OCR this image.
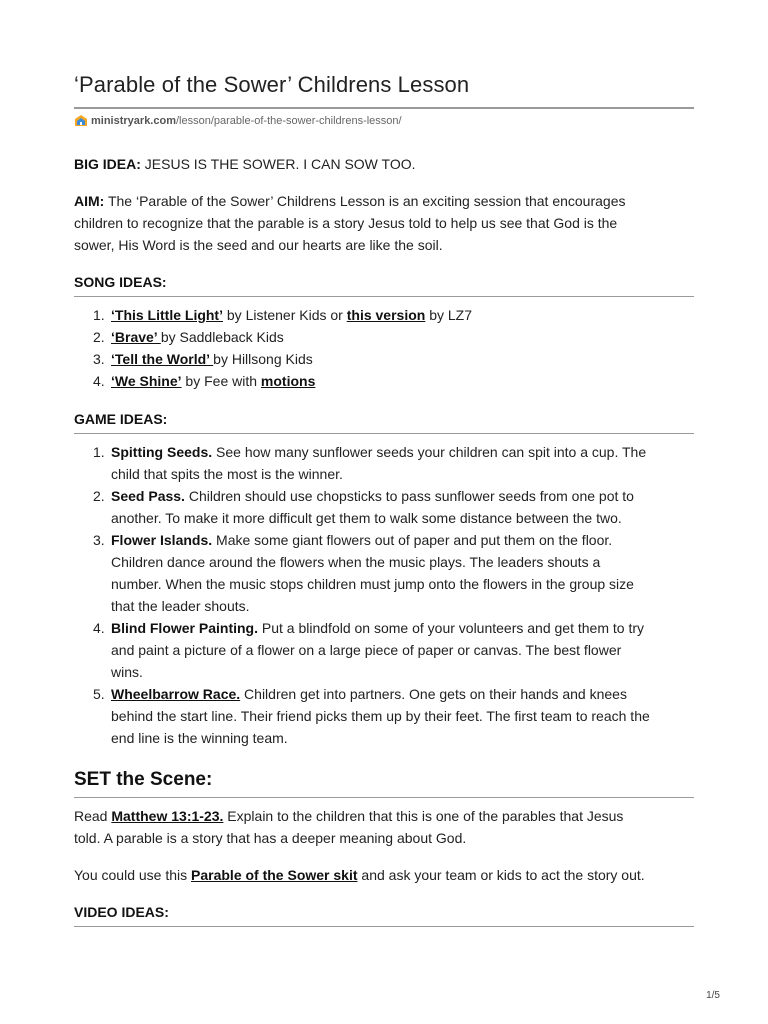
‘Parable of the Sower’ Childrens Lesson
ministryark.com /lesson/parable-of-the-sower-childrens-lesson/

BIG IDEA: JESUS IS THE SOWER. I CAN SOW TOO.

AIM: The ‘Parable of the Sower’ Childrens Lesson is an exciting session that encourages

children to recognize that the parable is a story Jesus told to help us see that God is the

sower, His Word is the seed and our hearts are like the soil.

SONG IDEAS:
1. ‘This Little Light’ by Listener Kids or this version by LZ7
2. ‘Brave’ by Saddleback Kids
3. ‘Tell the World’ by Hillsong Kids
4. ‘We Shine’ by Fee with motions
GAME IDEAS:
1. Spitting Seeds. See how many sunflower seeds your children can spit into a cup. The
child that spits the most is the winner.
2. Seed Pass. Children should use chopsticks to pass sunflower seeds from one pot to
another. To make it more difficult get them to walk some distance between the two.
3. Flower Islands. Make some giant flowers out of paper and put them on the floor.
Children dance around the flowers when the music plays. The leaders shouts a
number. When the music stops children must jump onto the flowers in the group size
that the leader shouts.
4. Blind Flower Painting. Put a blindfold on some of your volunteers and get them to try
and paint a picture of a flower on a large piece of paper or canvas. The best flower
wins.
5. Wheelbarrow Race. Children get into partners. One gets on their hands and knees
behind the start line. Their friend picks them up by their feet. The first team to reach the
end line is the winning team.
SET the Scene:

Read Matthew 13:1-23. Explain to the children that this is one of the parables that Jesus

told. A parable is a story that has a deeper meaning about God.

You could use this Parable of the Sower skit and ask your team or kids to act the story out.

VIDEO IDEAS:
1/5
